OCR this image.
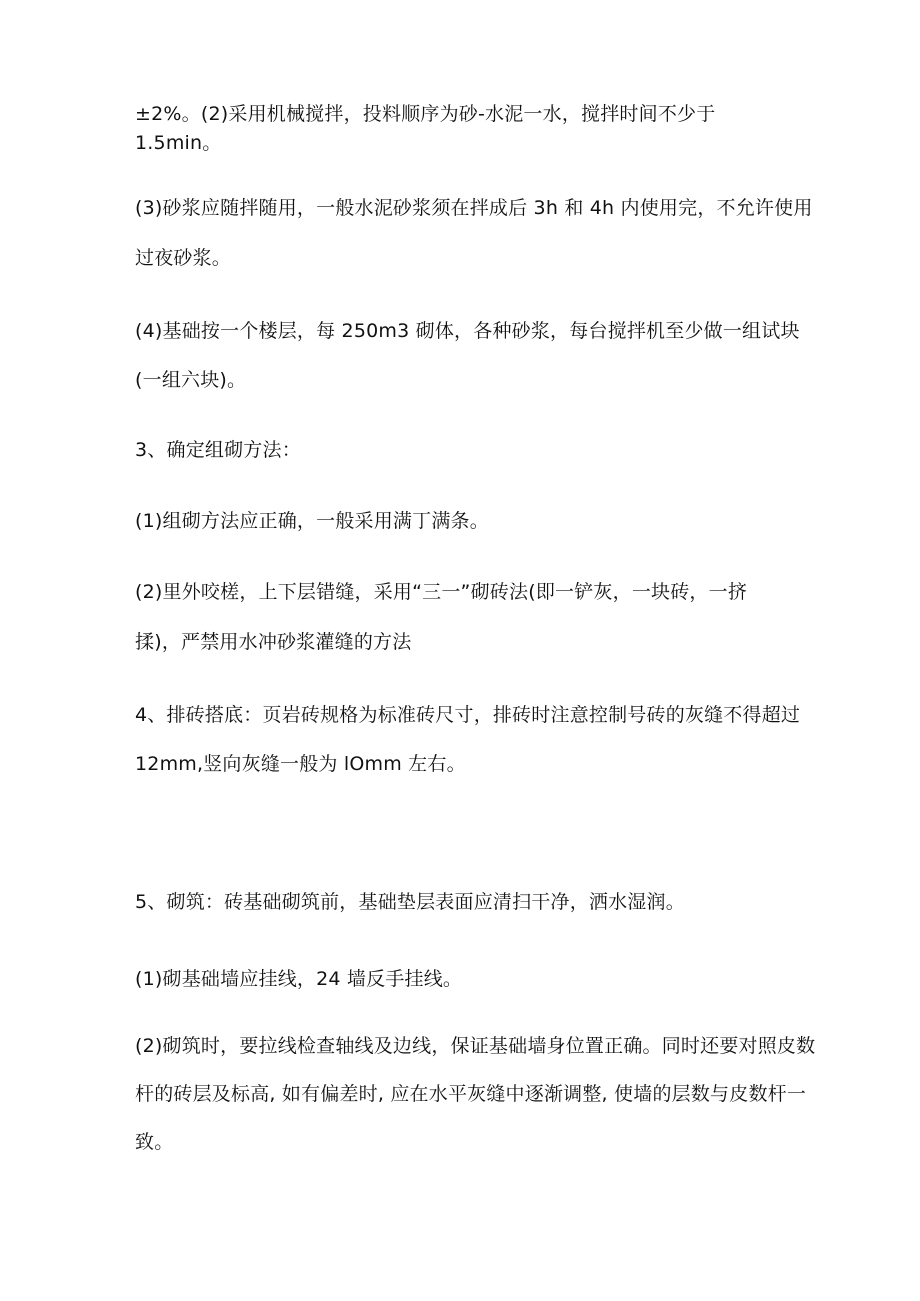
±2%。(2)采用机械搅拌，投料顺序为砂-水泥一水，搅拌时间不少于
1.5min。
(3)砂浆应随拌随用，一般水泥砂浆须在拌成后 3h 和 4h 内使用完，不允许使用
过夜砂浆。
(4)基础按一个楼层，每 250m3 砌体，各种砂浆，每台搅拌机至少做一组试块
(一组六块)。
3、确定组砌方法：
(1)组砌方法应正确，一般采用满丁满条。
(2)里外咬槎，上下层错缝，采用“三一”砌砖法(即一铲灰，一块砖，一挤
揉)，严禁用水冲砂浆灌缝的方法
4、排砖搭底：页岩砖规格为标准砖尺寸，排砖时注意控制号砖的灰缝不得超过
12mm,竖向灰缝一般为 lOmm 左右。
5、砌筑：砖基础砌筑前，基础垫层表面应清扫干净，洒水湿润。
(1)砌基础墙应挂线，24 墙反手挂线。
(2)砌筑时，要拉线检查轴线及边线，保证基础墙身位置正确。同时还要对照皮数
杆的砖层及标高, 如有偏差时, 应在水平灰缝中逐渐调整, 使墙的层数与皮数杆一
致。
